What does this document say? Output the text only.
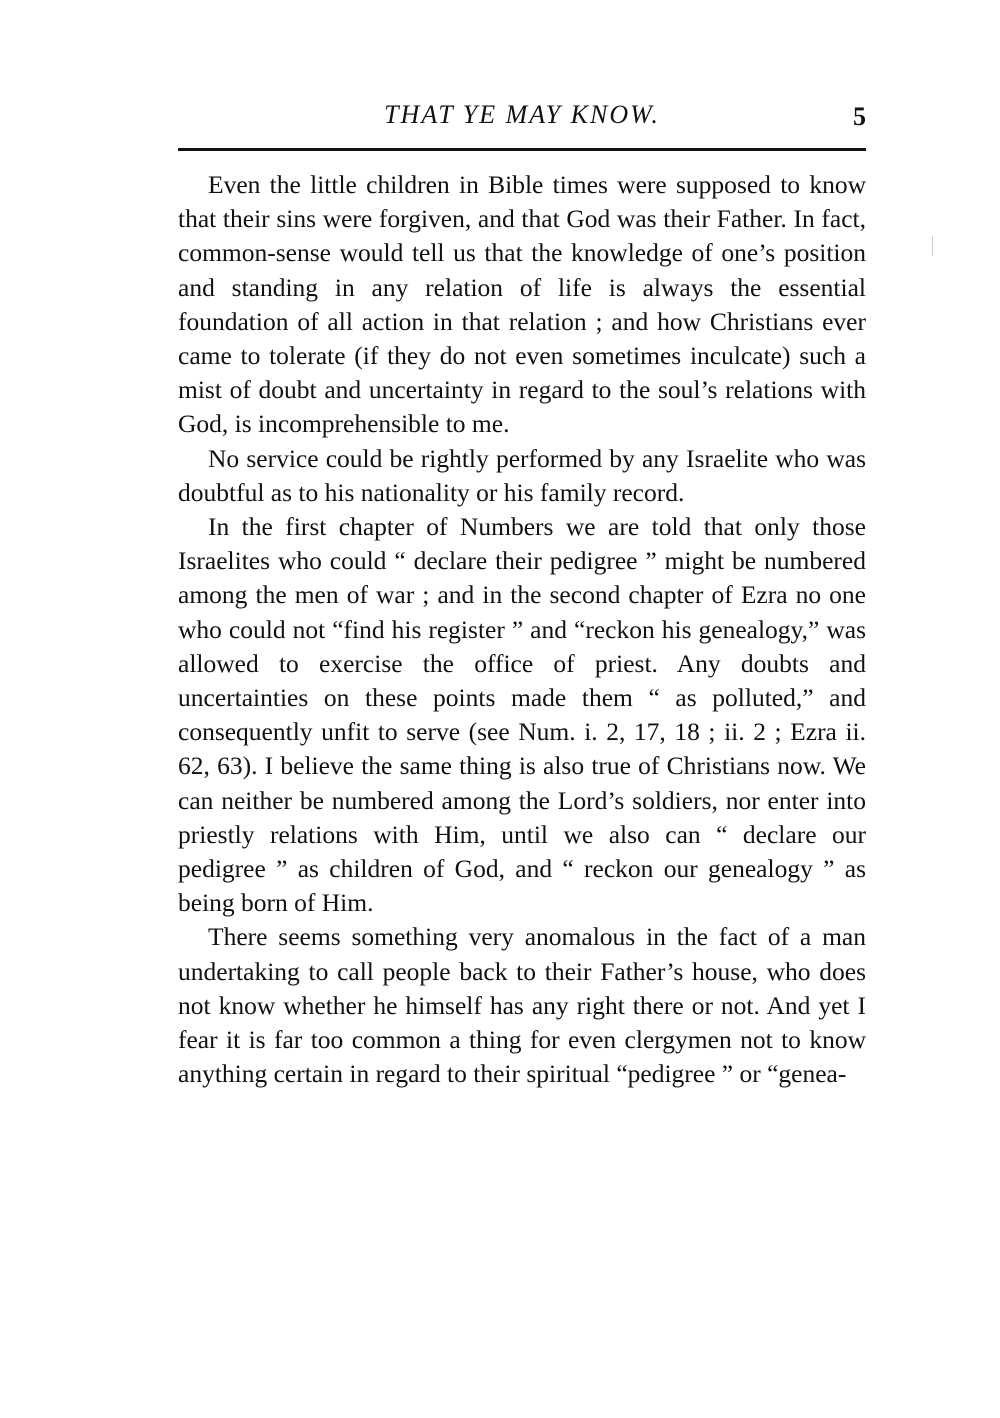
THAT YE MAY KNOW.	5

Even the little children in Bible times were supposed to know that their sins were forgiven, and that God was their Father. In fact, common-sense would tell us that the knowledge of one’s position and standing in any relation of life is always the essential foundation of all action in that relation ; and how Christians ever came to tolerate (if they do not even sometimes inculcate) such a mist of doubt and uncertainty in regard to the soul’s relations with God, is incomprehensible to me.

No service could be rightly performed by any Israelite who was doubtful as to his nationality or his family record.

In the first chapter of Numbers we are told that only those Israelites who could “ declare their pedigree ” might be numbered among the men of war ; and in the second chapter of Ezra no one who could not “find his register ” and “reckon his genealogy,” was allowed to exercise the office of priest. Any doubts and uncertainties on these points made them “ as polluted,” and consequently unfit to serve (see Num. i. 2, 17, 18 ; ii. 2 ; Ezra ii. 62, 63). I believe the same thing is also true of Christians now. We can neither be numbered among the Lord’s soldiers, nor enter into priestly relations with Him, until we also can “ declare our pedigree ” as children of God, and “ reckon our genealogy ” as being born of Him.

There seems something very anomalous in the fact of a man undertaking to call people back to their Father’s house, who does not know whether he himself has any right there or not. And yet I fear it is far too common a thing for even clergymen not to know anything certain in regard to their spiritual “pedigree ” or “genea-
